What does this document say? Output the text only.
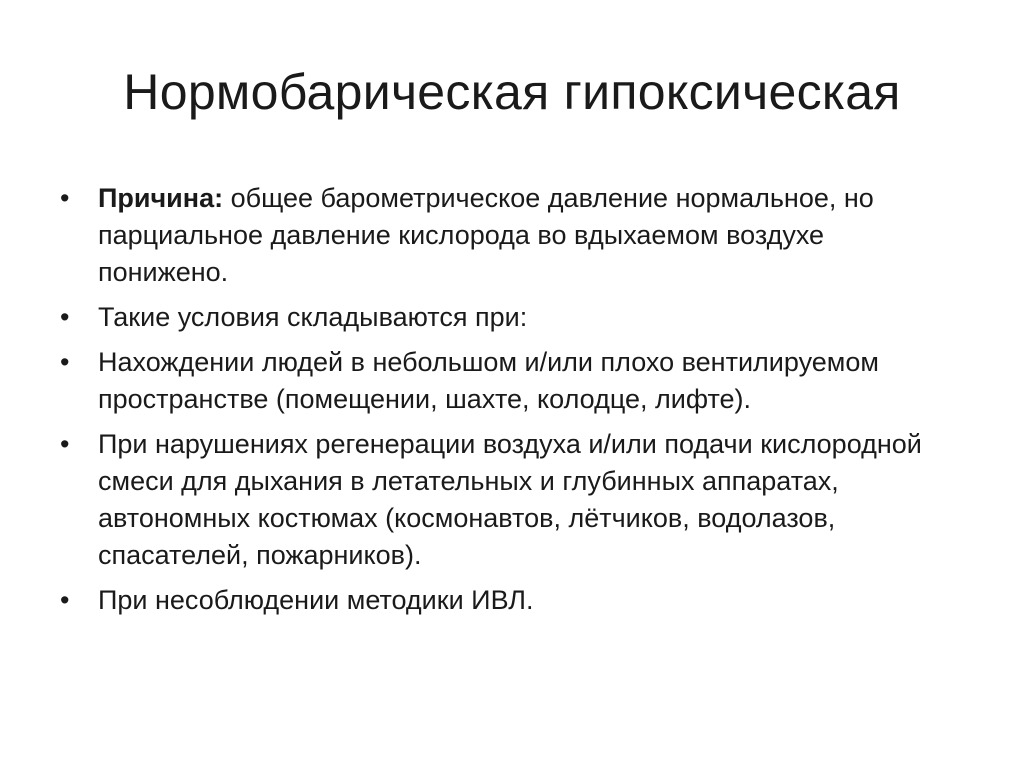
Нормобарическая гипоксическая
•	Причина: общее барометрическое давление нормальное, но парциальное давление кислорода во вдыхаемом воздухе понижено.
•	Такие условия складываются при:
•	Нахождении людей в небольшом и/или плохо вентилируемом пространстве (помещении, шахте, колодце, лифте).
•	При нарушениях регенерации воздуха и/или подачи кислородной смеси для дыхания в летательных и глубинных аппаратах, автономных костюмах (космонавтов, лётчиков, водолазов, спасателей, пожарников).
•	При несоблюдении методики ИВЛ.
